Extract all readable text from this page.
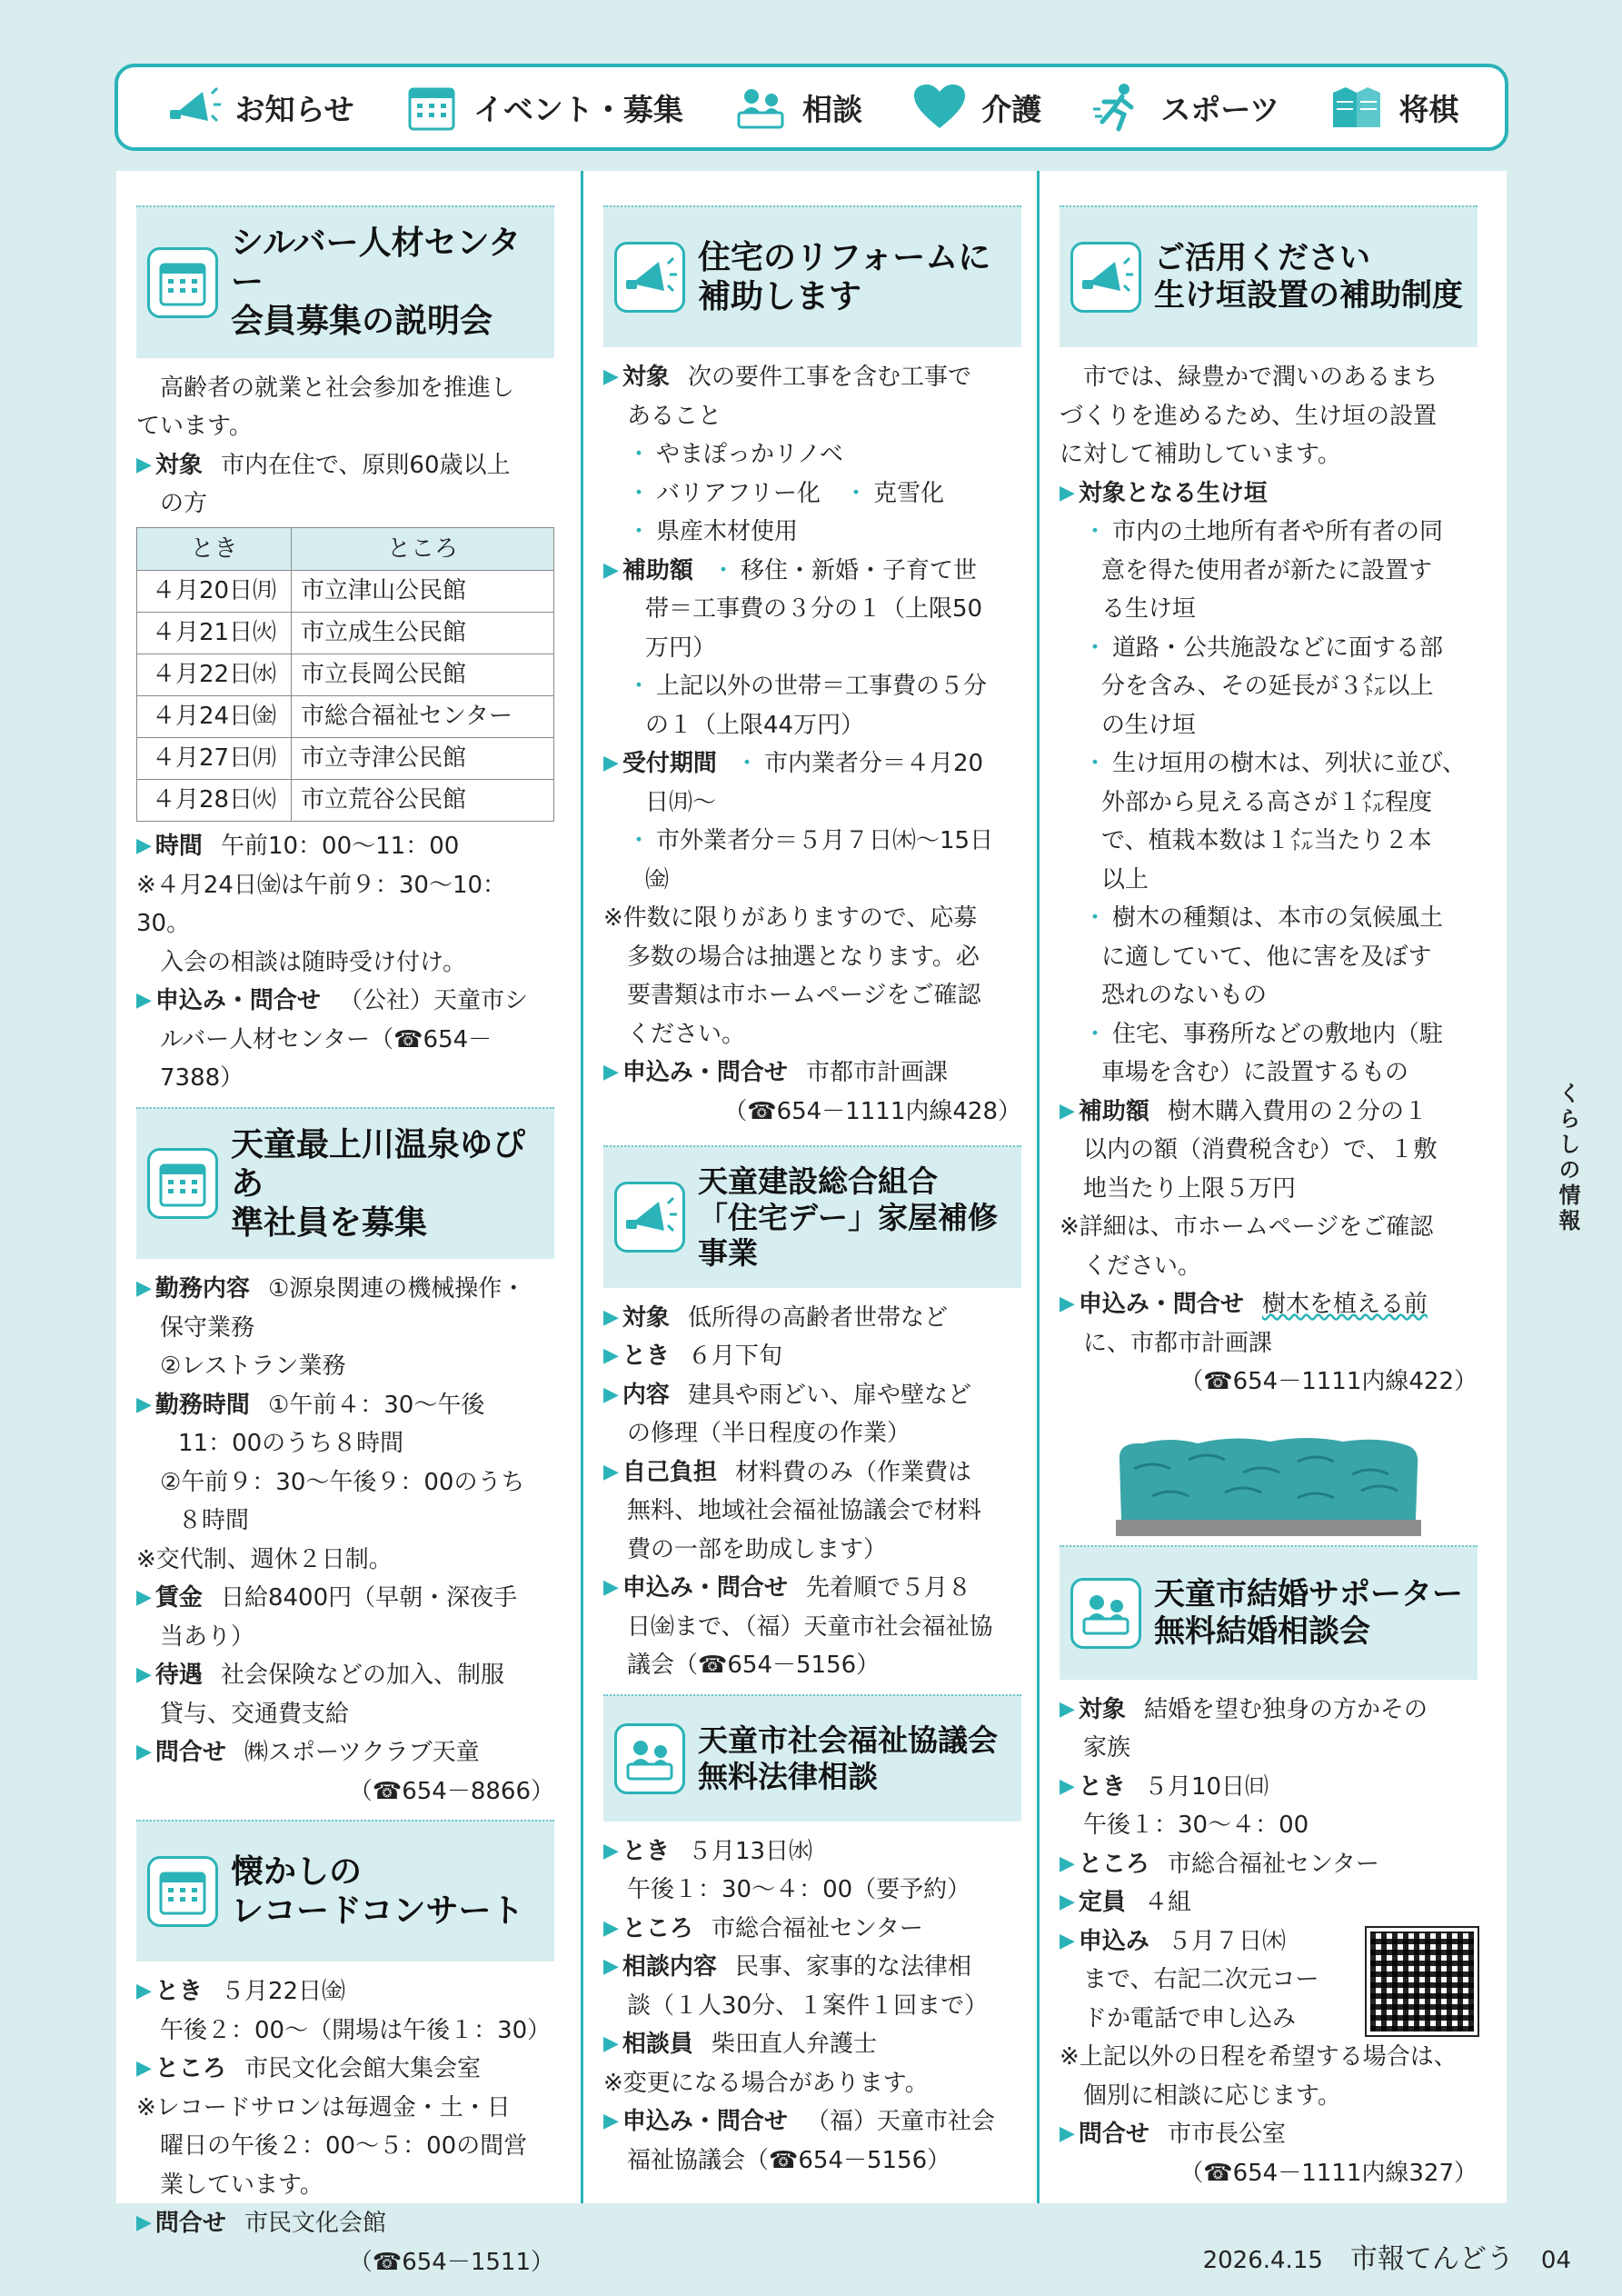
お知らせ	イベント・募集	相談	介護	スポーツ	将棋
シルバー人材センター
会員募集の説明会
高齢者の就業と社会参加を推進し
ています。
▶ 対象 市内在住で、原則60歳以上
の方
とき	ところ
４月20日㈪	市立津山公民館
４月21日㈫	市立成生公民館
４月22日㈬	市立長岡公民館
４月24日㈮	市総合福祉センター
４月27日㈪	市立寺津公民館
４月28日㈫	市立荒谷公民館
▶ 時間 午前10：00〜11：00
※４月24日㈮は午前９：30〜10：30。
入会の相談は随時受け付け。
▶ 申込み・問合せ （公社）天童市シ
ルバー人材センター（☎654－7388）
天童最上川温泉ゆぴあ
準社員を募集
▶ 勤務内容 ①源泉関連の機械操作・
保守業務
②レストラン業務
▶ 勤務時間 ①午前４：30〜午後
11：00のうち８時間
②午前９：30〜午後９：00のうち
８時間
※交代制、週休２日制。
▶ 賃金 日給8400円（早朝・深夜手
当あり）
▶ 待遇 社会保険などの加入、制服
貸与、交通費支給
▶ 問合せ ㈱スポーツクラブ天童
（☎654－8866）
懐かしの
レコードコンサート
▶ とき ５月22日㈮
午後２：00〜（開場は午後１：30）
▶ ところ 市民文化会館大集会室
※レコードサロンは毎週金・土・日
曜日の午後２：00〜５：00の間営
業しています。
▶ 問合せ 市民文化会館
（☎654－1511）
住宅のリフォームに
補助します
▶ 対象 次の要件工事を含む工事で
あること
・ やまぽっかリノベ
・ バリアフリー化　 ・ 克雪化
・ 県産木材使用
▶ 補助額 ・ 移住・新婚・子育て世
帯＝工事費の３分の１（上限50
万円）
・ 上記以外の世帯＝工事費の５分
の１（上限44万円）
▶ 受付期間 ・ 市内業者分＝４月20
日㈪〜
・ 市外業者分＝５月７日㈭〜15日
㈮
※件数に限りがありますので、応募
多数の場合は抽選となります。必
要書類は市ホームページをご確認
ください。
▶ 申込み・問合せ 市都市計画課
（☎654－1111内線428）
天童建設総合組合
「住宅デー」家屋補修事業
▶ 対象 低所得の高齢者世帯など
▶ とき ６月下旬
▶ 内容 建具や雨どい、扉や壁など
の修理（半日程度の作業）
▶ 自己負担 材料費のみ（作業費は
無料、地域社会福祉協議会で材料
費の一部を助成します）
▶ 申込み・問合せ 先着順で５月８
日㈮まで、（福）天童市社会福祉協
議会（☎654－5156）
天童市社会福祉協議会
無料法律相談
▶ とき ５月13日㈬
午後１：30〜４：00（要予約）
▶ ところ 市総合福祉センター
▶ 相談内容 民事、家事的な法律相
談（１人30分、１案件１回まで）
▶ 相談員 柴田直人弁護士
※変更になる場合があります。
▶ 申込み・問合せ （福）天童市社会
福祉協議会（☎654－5156）
ご活用ください
生け垣設置の補助制度
市では、緑豊かで潤いのあるまち
づくりを進めるため、生け垣の設置
に対して補助しています。
▶ 対象となる生け垣
・ 市内の土地所有者や所有者の同
意を得た使用者が新たに設置す
る生け垣
・ 道路・公共施設などに面する部
分を含み、その延長が３㍍以上
の生け垣
・ 生け垣用の樹木は、列状に並び、
外部から見える高さが１㍍程度
で、植栽本数は１㍍当たり２本
以上
・ 樹木の種類は、本市の気候風土
に適していて、他に害を及ぼす
恐れのないもの
・ 住宅、事務所などの敷地内（駐
車場を含む）に設置するもの
▶ 補助額 樹木購入費用の２分の１
以内の額（消費税含む）で、１敷
地当たり上限５万円
※詳細は、市ホームページをご確認
ください。
▶ 申込み・問合せ 樹木を植える前
に、市都市計画課
（☎654－1111内線422）
天童市結婚サポーター
無料結婚相談会
▶ 対象 結婚を望む独身の方かその
家族
▶ とき ５月10日㈰
午後１：30〜４：00
▶ ところ 市総合福祉センター
▶ 定員 ４組
▶ 申込み ５月７日㈭
まで、右記二次元コー
ドか電話で申し込み
※上記以外の日程を希望する場合は、
個別に相談に応じます。
▶ 問合せ 市市長公室
（☎654－1111内線327）
くらしの情報
2026.4.15 市報てんどう 04
